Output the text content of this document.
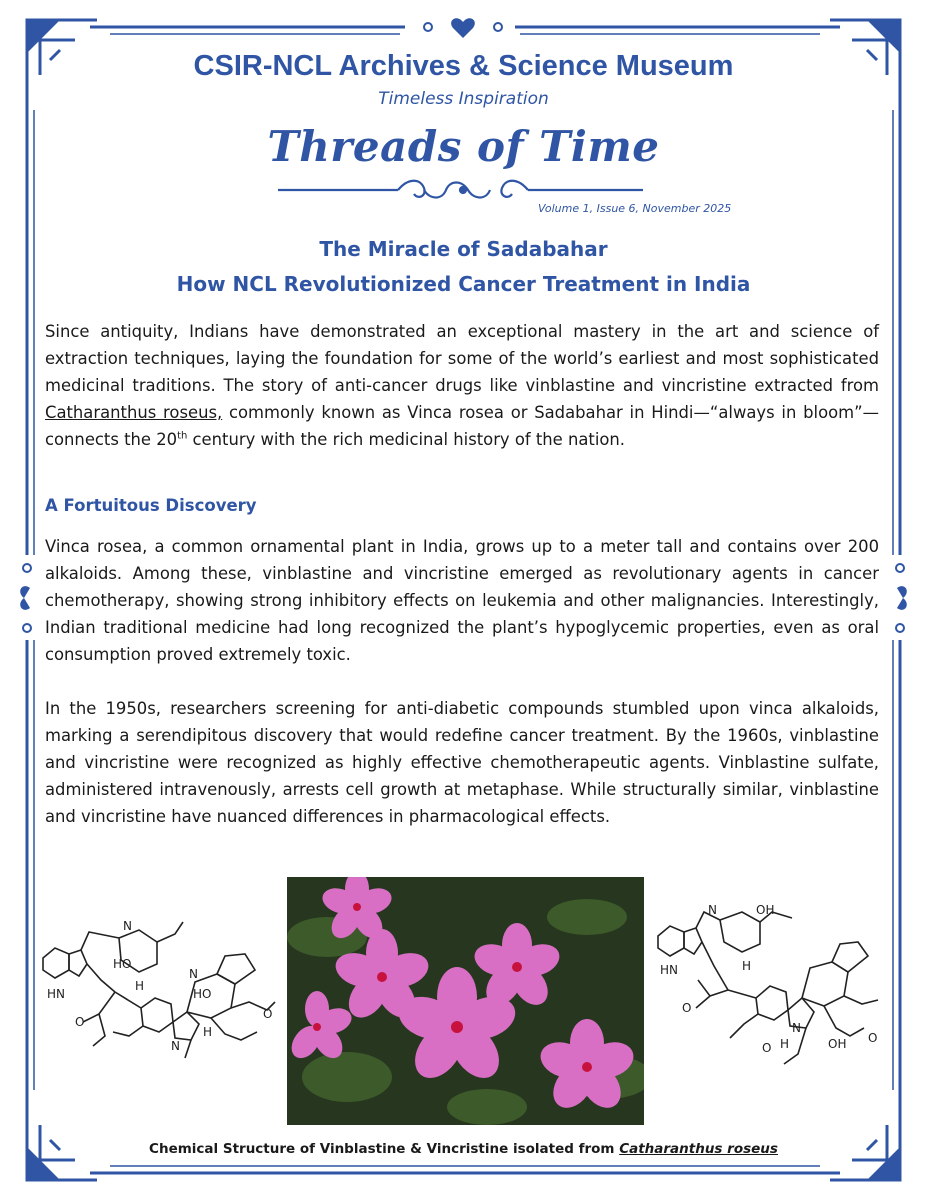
CSIR-NCL Archives & Science Museum
Timeless Inspiration
Threads of Time
Volume 1, Issue 6, November 2025
The Miracle of Sadabahar
How NCL Revolutionized Cancer Treatment in India
Since antiquity, Indians have demonstrated an exceptional mastery in the art and science of extraction techniques, laying the foundation for some of the world’s earliest and most sophisticated medicinal traditions. The story of anti-cancer drugs like vinblastine and vincristine extracted from Catharanthus roseus, commonly known as Vinca rosea or Sadabahar in Hindi—“always in bloom”—connects the 20th century with the rich medicinal history of the nation.
A Fortuitous Discovery
Vinca rosea, a common ornamental plant in India, grows up to a meter tall and contains over 200 alkaloids. Among these, vinblastine and vincristine emerged as revolutionary agents in cancer chemotherapy, showing strong inhibitory effects on leukemia and other malignancies. Interestingly, Indian traditional medicine had long recognized the plant’s hypoglycemic properties, even as oral consumption proved extremely toxic.
In the 1950s, researchers screening for anti-diabetic compounds stumbled upon vinca alkaloids, marking a serendipitous discovery that would redefine cancer treatment. By the 1960s, vinblastine and vincristine were recognized as highly effective chemotherapeutic agents. Vinblastine sulfate, administered intravenously, arrests cell growth at metaphase. While structurally similar, vinblastine and vincristine have nuanced differences in pharmacological effects.
HN
HO
N
H
HO
N
H
N
O
O
HN
OH
N
H
N
H	OH
O
O
O
Chemical Structure of Vinblastine & Vincristine isolated from Catharanthus roseus
